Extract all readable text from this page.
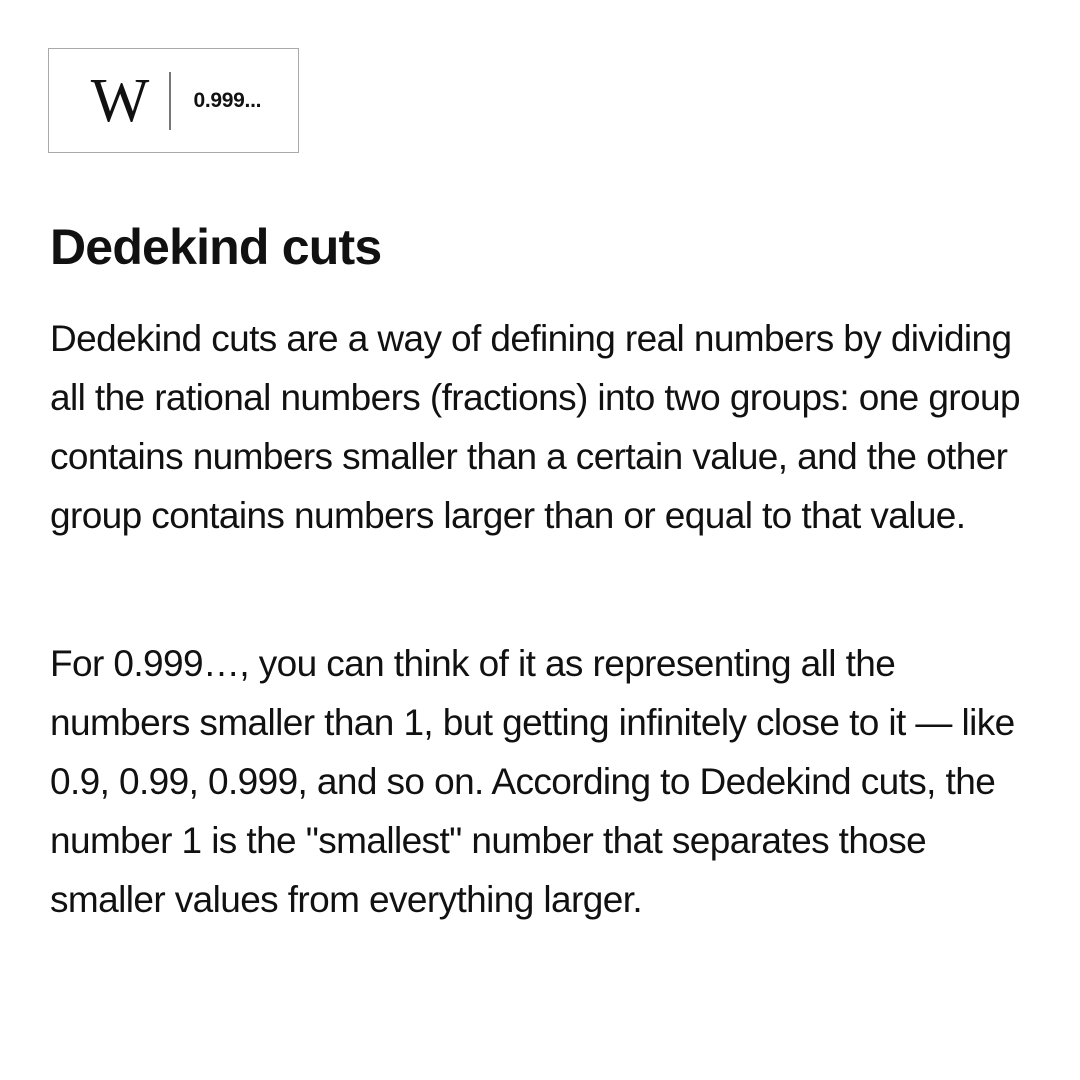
W	0.999...
Dedekind cuts

Dedekind cuts are a way of defining real numbers by dividing all the rational numbers (fractions) into two groups: one group contains numbers smaller than a certain value, and the other group contains numbers larger than or equal to that value.

For 0.999…, you can think of it as representing all the numbers smaller than 1, but getting infinitely close to it — like 0.9, 0.99, 0.999, and so on. According to Dedekind cuts, the number 1 is the "smallest" number that separates those smaller values from everything larger.
